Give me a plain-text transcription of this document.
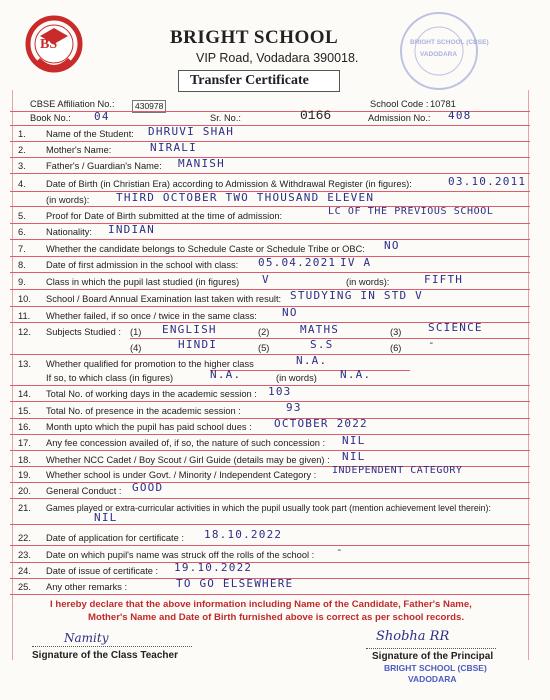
BS	BRIGHT SCHOOL
VIP Road, Vodadara 390018.
Transfer Certificate
BRIGHT SCHOOL (CBSE)
VADODARA
CBSE Affiliation No.:	430978	School Code : 10781
Book No.: 04	Sr. No.:	0166	Admission No.: 408
1. Name of the Student: DHRUVI SHAH
2. Mother's Name:	NIRALI
3. Father's / Guardian's Name: MANISH
4. Date of Birth (in Christian Era) according to Admission & Withdrawal Register (in figures):	03.10.2011
(in words): THIRD OCTOBER TWO THOUSAND ELEVEN
5. Proof for Date of Birth submitted at the time of admission:	LC OF THE PREVIOUS SCHOOL
6. Nationality: INDIAN
7. Whether the candidate belongs to Schedule Caste or Schedule Tribe or OBC: NO
8. Date of first admission in the school with class: 05.04.2021 IV A
9. Class in which the pupil last studied (in figures) V	(in words):	FIFTH
10. School / Board Annual Examination last taken with result: STUDYING IN STD V
11. Whether failed, if so once / twice in the same class: NO
12. Subjects Studied : (1) ENGLISH	(2)	MATHS	(3) SCIENCE
(4)	HINDI	(5)	S.S	(6) -
13. Whether qualified for promotion to the higher class	N.A.
If so, to which class (in figures)	N.A.	(in words) N.A.
14. Total No. of working days in the academic session : 103
15. Total No. of presence in the academic session :	93
16. Month upto which the pupil has paid school dues : OCTOBER 2022
17. Any fee concession availed of, if so, the nature of such concession : NIL
18. Whether NCC Cadet / Boy Scout / Girl Guide (details may be given) : NIL
19. Whether school is under Govt. / Minority / Independent Category : INDEPENDENT CATEGORY
20. General Conduct : GOOD
21. Games played or extra-curricular activities in which the pupil usually took part (mention achievement level therein):
NIL
22. Date of application for certificate : 18.10.2022
23. Date on which pupil's name was struck off the rolls of the school : -
24. Date of issue of certificate : 19.10.2022
25. Any other remarks :	TO GO ELSEWHERE
I hereby declare that the above information including Name of the Candidate, Father's Name,
Mother's Name and Date of Birth furnished above is correct as per school records.
Namity
Signature of the Class Teacher
Shobha RR
Signature of the Principal
BRIGHT SCHOOL (CBSE)
VADODARA
